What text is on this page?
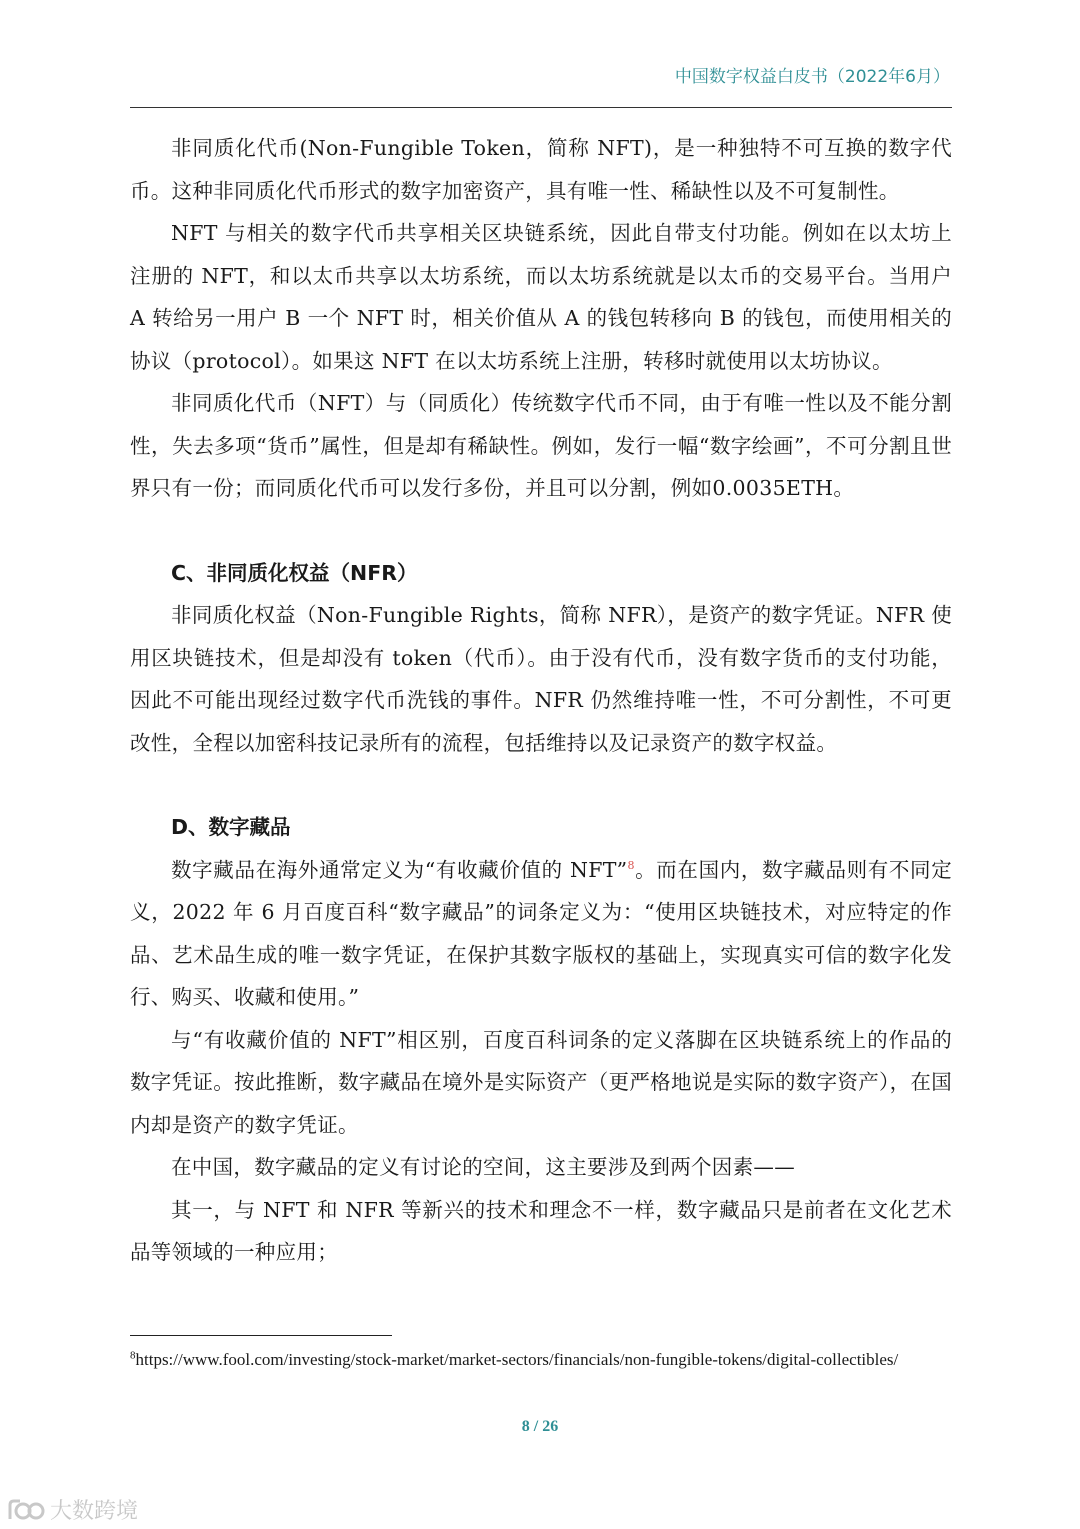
中国数字权益白皮书（2022年6月）

非同质化代币(Non-Fungible Token，简称 NFT)，是一种独特不可互换的数字代币。这种非同质化代币形式的数字加密资产，具有唯一性、稀缺性以及不可复制性。

NFT 与相关的数字代币共享相关区块链系统，因此自带支付功能。例如在以太坊上注册的 NFT，和以太币共享以太坊系统，而以太坊系统就是以太币的交易平台。当用户 A 转给另一用户 B 一个 NFT 时，相关价值从 A 的钱包转移向 B 的钱包，而使用相关的协议（protocol）。如果这 NFT 在以太坊系统上注册，转移时就使用以太坊协议。

非同质化代币（NFT）与（同质化）传统数字代币不同，由于有唯一性以及不能分割性，失去多项“货币”属性，但是却有稀缺性。例如，发行一幅“数字绘画”，不可分割且世界只有一份；而同质化代币可以发行多份，并且可以分割，例如0.0035ETH。

C、非同质化权益（NFR）

非同质化权益（Non-Fungible Rights，简称 NFR），是资产的数字凭证。NFR 使用区块链技术，但是却没有 token（代币）。由于没有代币，没有数字货币的支付功能，因此不可能出现经过数字代币洗钱的事件。NFR 仍然维持唯一性，不可分割性，不可更改性，全程以加密科技记录所有的流程，包括维持以及记录资产的数字权益。

D、数字藏品

数字藏品在海外通常定义为“有收藏价值的 NFT”$^8$。而在国内，数字藏品则有不同定义，2022 年 6 月百度百科“数字藏品”的词条定义为：“使用区块链技术，对应特定的作品、艺术品生成的唯一数字凭证，在保护其数字版权的基础上，实现真实可信的数字化发行、购买、收藏和使用。”

与“有收藏价值的 NFT”相区别，百度百科词条的定义落脚在区块链系统上的作品的数字凭证。按此推断，数字藏品在境外是实际资产（更严格地说是实际的数字资产），在国内却是资产的数字凭证。

在中国，数字藏品的定义有讨论的空间，这主要涉及到两个因素——

其一，与 NFT 和 NFR 等新兴的技术和理念不一样，数字藏品只是前者在文化艺术品等领域的一种应用；

$^8$https://www.fool.com/investing/stock-market/market-sectors/financials/non-fungible-tokens/digital-collectibles/
8 / 26
大数跨境
